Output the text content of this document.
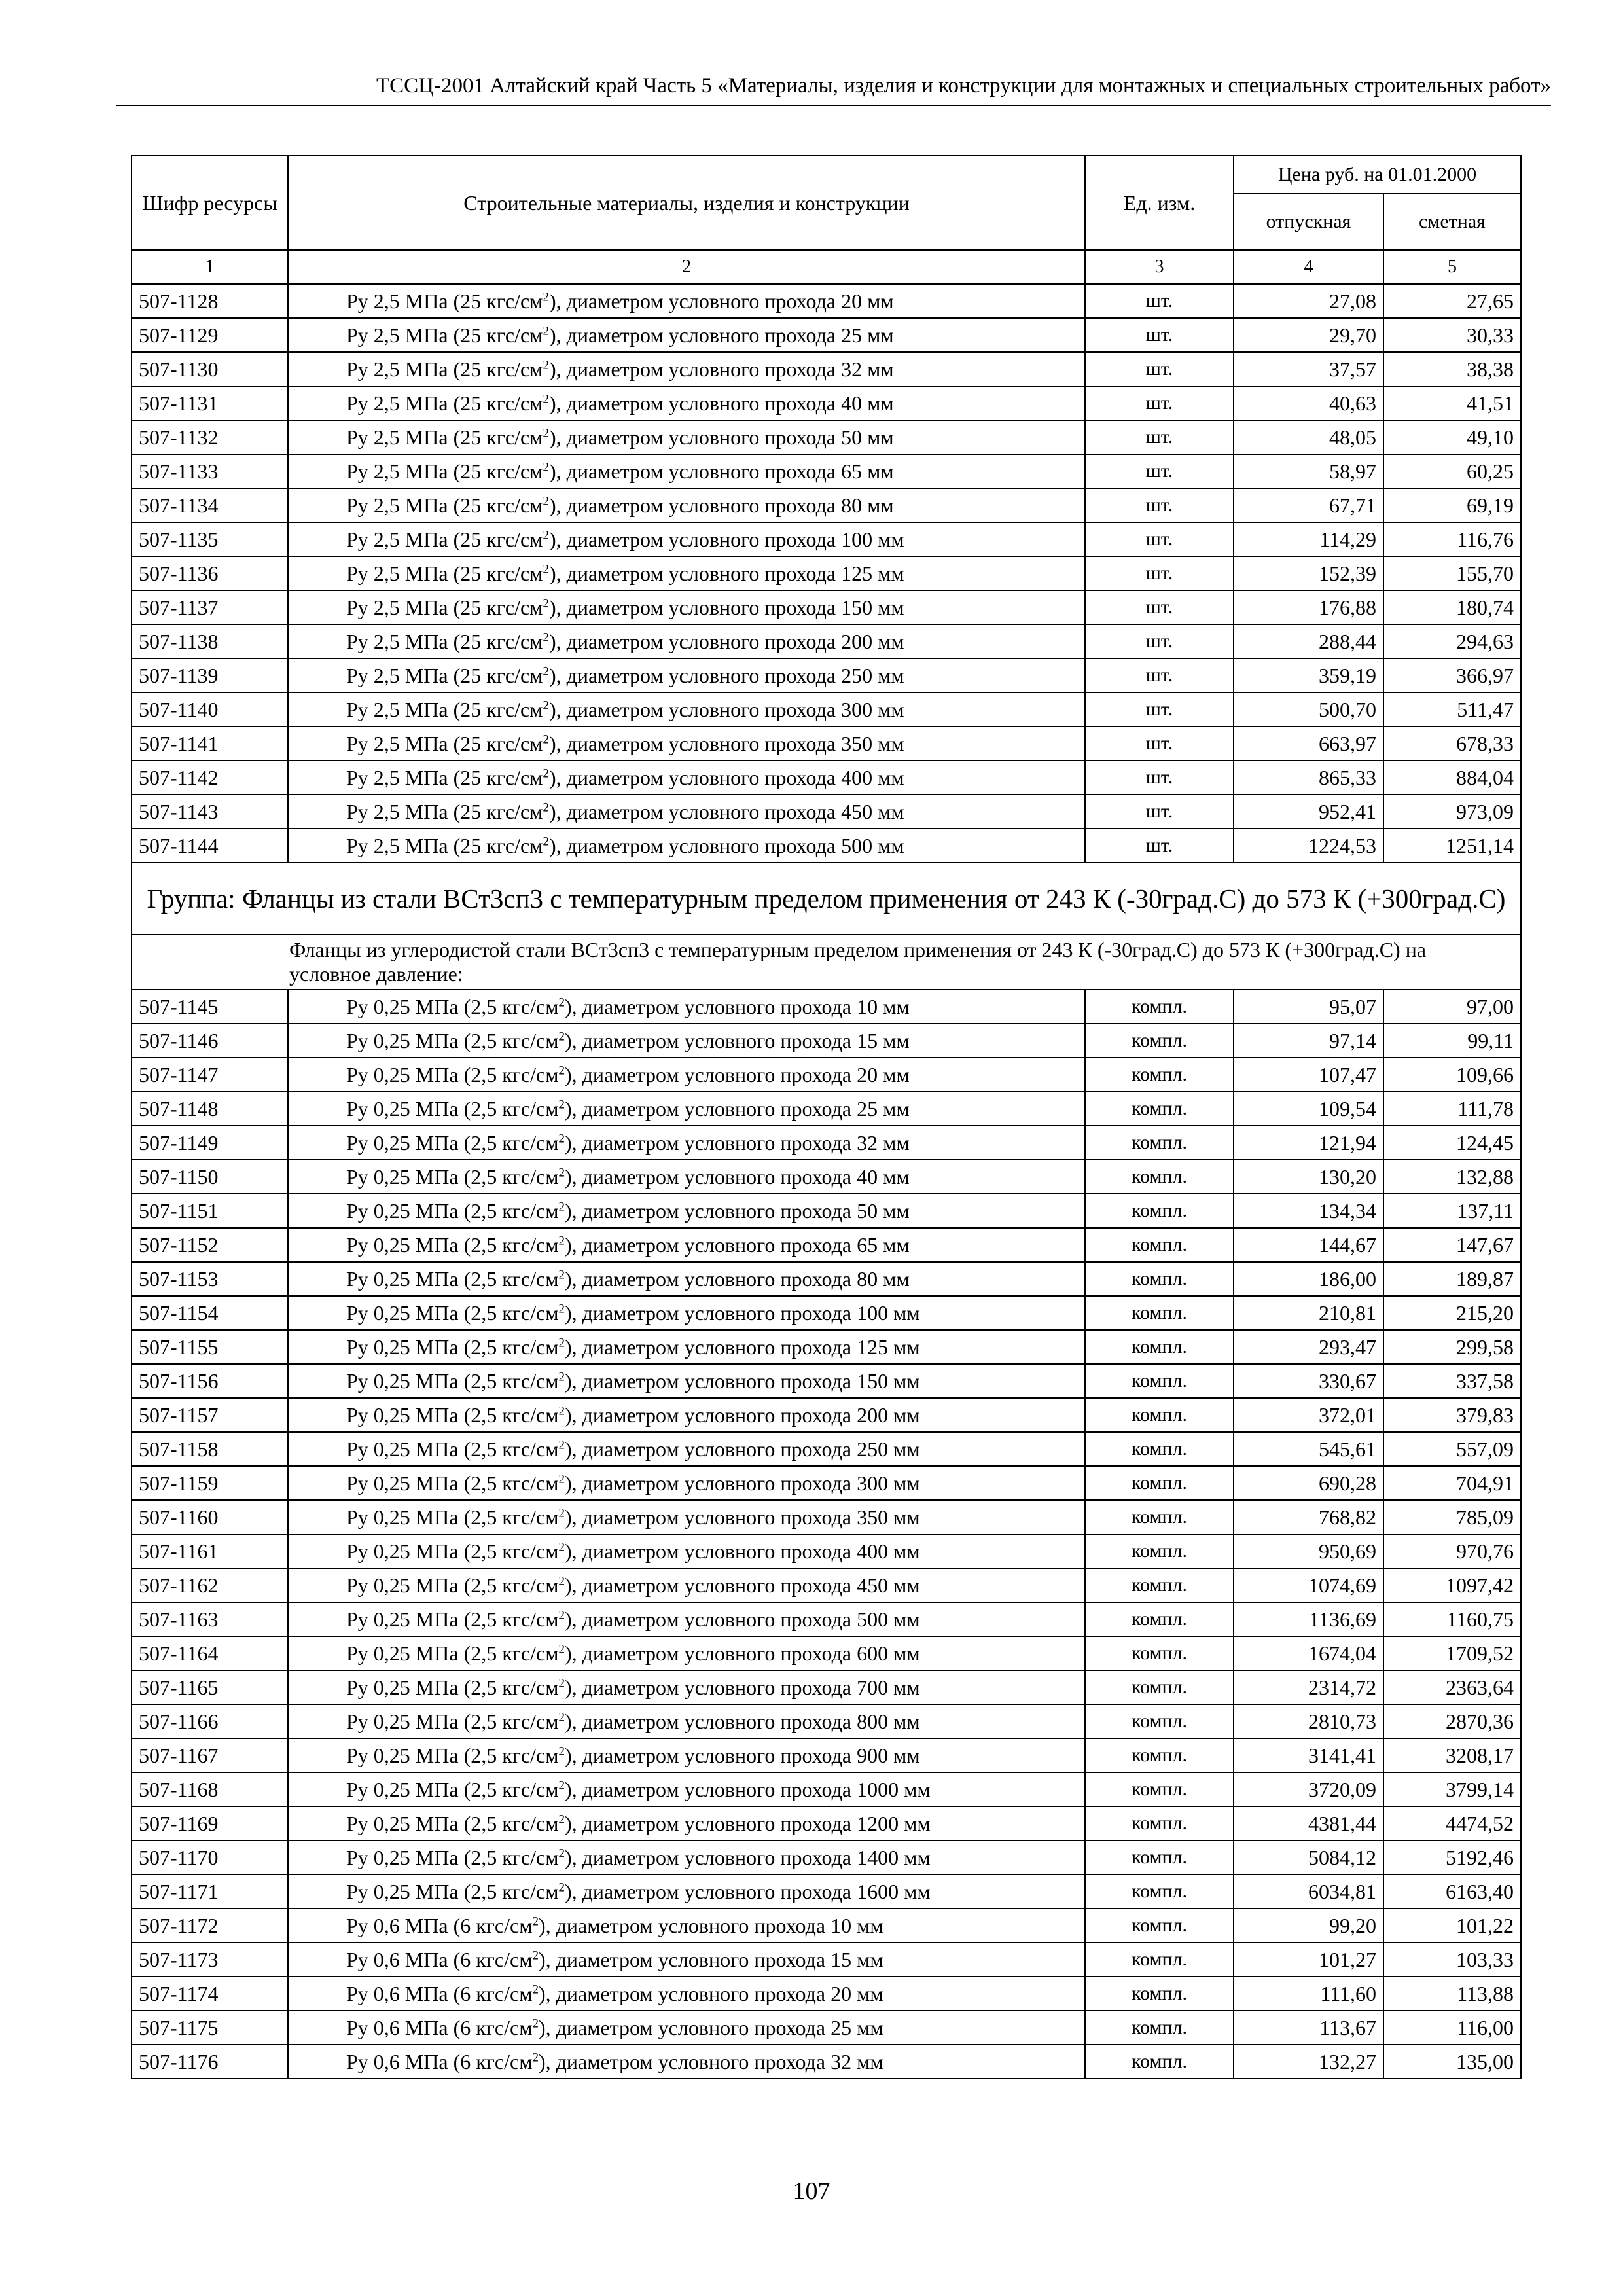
ТССЦ-2001 Алтайский край Часть 5 «Материалы, изделия и конструкции для монтажных и специальных строительных работ»
Шифр ресурсы	Строительные материалы, изделия и конструкции	Ед. изм.	Цена руб. на 01.01.2000	
			отпускная	сметная
1	2	3	4	5
507-1128	Ру 2,5 МПа (25 кгс/$см^2$), диаметром условного прохода 20 мм	шт.	27,08	27,65
507-1129	Ру 2,5 МПа (25 кгс/$см^2$), диаметром условного прохода 25 мм	шт.	29,70	30,33
507-1130	Ру 2,5 МПа (25 кгс/$см^2$), диаметром условного прохода 32 мм	шт.	37,57	38,38
507-1131	Ру 2,5 МПа (25 кгс/$см^2$), диаметром условного прохода 40 мм	шт.	40,63	41,51
507-1132	Ру 2,5 МПа (25 кгс/$см^2$), диаметром условного прохода 50 мм	шт.	48,05	49,10
507-1133	Ру 2,5 МПа (25 кгс/$см^2$), диаметром условного прохода 65 мм	шт.	58,97	60,25
507-1134	Ру 2,5 МПа (25 кгс/$см^2$), диаметром условного прохода 80 мм	шт.	67,71	69,19
507-1135	Ру 2,5 МПа (25 кгс/$см^2$), диаметром условного прохода 100 мм	шт.	114,29	116,76
507-1136	Ру 2,5 МПа (25 кгс/$см^2$), диаметром условного прохода 125 мм	шт.	152,39	155,70
507-1137	Ру 2,5 МПа (25 кгс/$см^2$), диаметром условного прохода 150 мм	шт.	176,88	180,74
507-1138	Ру 2,5 МПа (25 кгс/$см^2$), диаметром условного прохода 200 мм	шт.	288,44	294,63
507-1139	Ру 2,5 МПа (25 кгс/$см^2$), диаметром условного прохода 250 мм	шт.	359,19	366,97
507-1140	Ру 2,5 МПа (25 кгс/$см^2$), диаметром условного прохода 300 мм	шт.	500,70	511,47
507-1141	Ру 2,5 МПа (25 кгс/$см^2$), диаметром условного прохода 350 мм	шт.	663,97	678,33
507-1142	Ру 2,5 МПа (25 кгс/$см^2$), диаметром условного прохода 400 мм	шт.	865,33	884,04
507-1143	Ру 2,5 МПа (25 кгс/$см^2$), диаметром условного прохода 450 мм	шт.	952,41	973,09
507-1144	Ру 2,5 МПа (25 кгс/$см^2$), диаметром условного прохода 500 мм	шт.	1224,53	1251,14
Группа: Фланцы из стали ВСт3сп3 с температурным пределом применения от 243 К (-30град.С) до 573 К (+300град.С)				
Фланцы из углеродистой стали ВСт3сп3 с температурным пределом применения от 243 К (-30град.С) до 573 К (+300град.С) на условное давление:				
507-1145	Ру 0,25 МПа (2,5 кгс/$см^2$), диаметром условного прохода 10 мм	компл.	95,07	97,00
507-1146	Ру 0,25 МПа (2,5 кгс/$см^2$), диаметром условного прохода 15 мм	компл.	97,14	99,11
507-1147	Ру 0,25 МПа (2,5 кгс/$см^2$), диаметром условного прохода 20 мм	компл.	107,47	109,66
507-1148	Ру 0,25 МПа (2,5 кгс/$см^2$), диаметром условного прохода 25 мм	компл.	109,54	111,78
507-1149	Ру 0,25 МПа (2,5 кгс/$см^2$), диаметром условного прохода 32 мм	компл.	121,94	124,45
507-1150	Ру 0,25 МПа (2,5 кгс/$см^2$), диаметром условного прохода 40 мм	компл.	130,20	132,88
507-1151	Ру 0,25 МПа (2,5 кгс/$см^2$), диаметром условного прохода 50 мм	компл.	134,34	137,11
507-1152	Ру 0,25 МПа (2,5 кгс/$см^2$), диаметром условного прохода 65 мм	компл.	144,67	147,67
507-1153	Ру 0,25 МПа (2,5 кгс/$см^2$), диаметром условного прохода 80 мм	компл.	186,00	189,87
507-1154	Ру 0,25 МПа (2,5 кгс/$см^2$), диаметром условного прохода 100 мм	компл.	210,81	215,20
507-1155	Ру 0,25 МПа (2,5 кгс/$см^2$), диаметром условного прохода 125 мм	компл.	293,47	299,58
507-1156	Ру 0,25 МПа (2,5 кгс/$см^2$), диаметром условного прохода 150 мм	компл.	330,67	337,58
507-1157	Ру 0,25 МПа (2,5 кгс/$см^2$), диаметром условного прохода 200 мм	компл.	372,01	379,83
507-1158	Ру 0,25 МПа (2,5 кгс/$см^2$), диаметром условного прохода 250 мм	компл.	545,61	557,09
507-1159	Ру 0,25 МПа (2,5 кгс/$см^2$), диаметром условного прохода 300 мм	компл.	690,28	704,91
507-1160	Ру 0,25 МПа (2,5 кгс/$см^2$), диаметром условного прохода 350 мм	компл.	768,82	785,09
507-1161	Ру 0,25 МПа (2,5 кгс/$см^2$), диаметром условного прохода 400 мм	компл.	950,69	970,76
507-1162	Ру 0,25 МПа (2,5 кгс/$см^2$), диаметром условного прохода 450 мм	компл.	1074,69	1097,42
507-1163	Ру 0,25 МПа (2,5 кгс/$см^2$), диаметром условного прохода 500 мм	компл.	1136,69	1160,75
507-1164	Ру 0,25 МПа (2,5 кгс/$см^2$), диаметром условного прохода 600 мм	компл.	1674,04	1709,52
507-1165	Ру 0,25 МПа (2,5 кгс/$см^2$), диаметром условного прохода 700 мм	компл.	2314,72	2363,64
507-1166	Ру 0,25 МПа (2,5 кгс/$см^2$), диаметром условного прохода 800 мм	компл.	2810,73	2870,36
507-1167	Ру 0,25 МПа (2,5 кгс/$см^2$), диаметром условного прохода 900 мм	компл.	3141,41	3208,17
507-1168	Ру 0,25 МПа (2,5 кгс/$см^2$), диаметром условного прохода 1000 мм	компл.	3720,09	3799,14
507-1169	Ру 0,25 МПа (2,5 кгс/$см^2$), диаметром условного прохода 1200 мм	компл.	4381,44	4474,52
507-1170	Ру 0,25 МПа (2,5 кгс/$см^2$), диаметром условного прохода 1400 мм	компл.	5084,12	5192,46
507-1171	Ру 0,25 МПа (2,5 кгс/$см^2$), диаметром условного прохода 1600 мм	компл.	6034,81	6163,40
507-1172	Ру 0,6 МПа (6 кгс/$см^2$), диаметром условного прохода 10 мм	компл.	99,20	101,22
507-1173	Ру 0,6 МПа (6 кгс/$см^2$), диаметром условного прохода 15 мм	компл.	101,27	103,33
507-1174	Ру 0,6 МПа (6 кгс/$см^2$), диаметром условного прохода 20 мм	компл.	111,60	113,88
507-1175	Ру 0,6 МПа (6 кгс/$см^2$), диаметром условного прохода 25 мм	компл.	113,67	116,00
507-1176	Ру 0,6 МПа (6 кгс/$см^2$), диаметром условного прохода 32 мм	компл.	132,27	135,00
107
